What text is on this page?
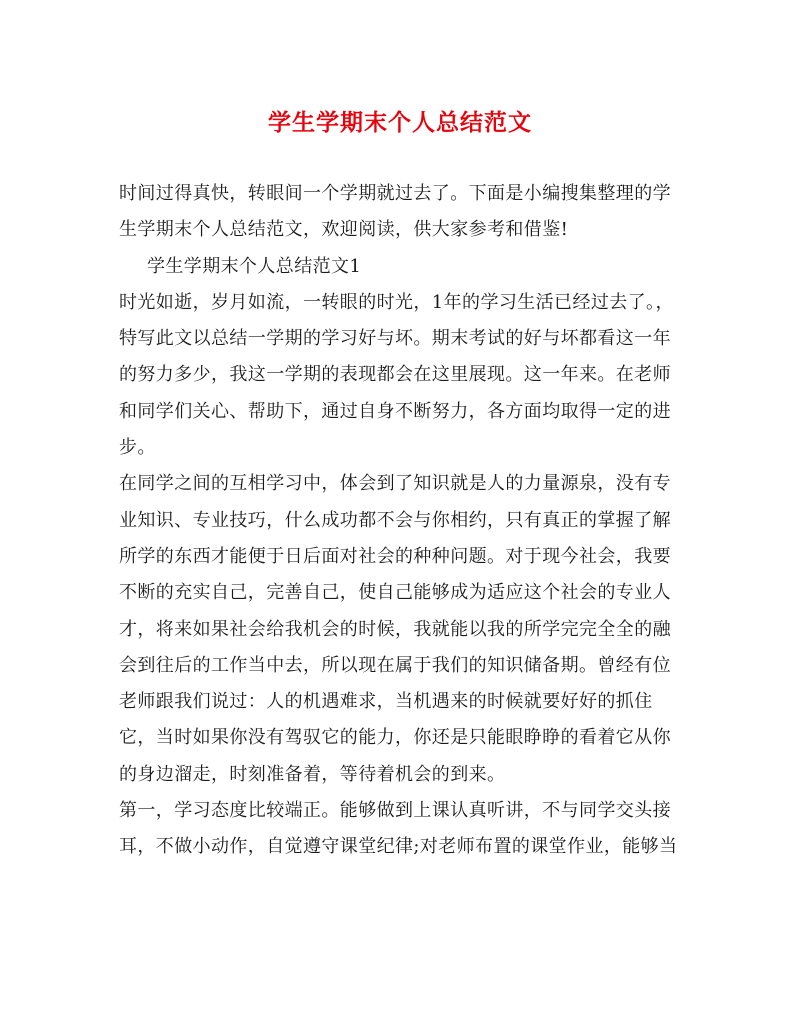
学生学期末个人总结范文

时间过得真快，转眼间一个学期就过去了。下面是小编搜集整理的学生学期末个人总结范文，欢迎阅读，供大家参考和借鉴!

学生学期末个人总结范文1

时光如逝，岁月如流，一转眼的时光，1年的学习生活已经过去了。，特写此文以总结一学期的学习好与坏。期末考试的好与坏都看这一年的努力多少，我这一学期的表现都会在这里展现。这一年来。在老师和同学们关心、帮助下，通过自身不断努力，各方面均取得一定的进步。

在同学之间的互相学习中，体会到了知识就是人的力量源泉，没有专业知识、专业技巧，什么成功都不会与你相约，只有真正的掌握了解所学的东西才能便于日后面对社会的种种问题。对于现今社会，我要不断的充实自己，完善自己，使自己能够成为适应这个社会的专业人才，将来如果社会给我机会的时候，我就能以我的所学完完全全的融会到往后的工作当中去，所以现在属于我们的知识储备期。曾经有位老师跟我们说过：人的机遇难求，当机遇来的时候就要好好的抓住它，当时如果你没有驾驭它的能力，你还是只能眼睁睁的看着它从你的身边溜走，时刻准备着，等待着机会的到来。

第一，学习态度比较端正。能够做到上课认真听讲，不与同学交头接耳，不做小动作，自觉遵守课堂纪律;对老师布置的课堂作业，能够当
